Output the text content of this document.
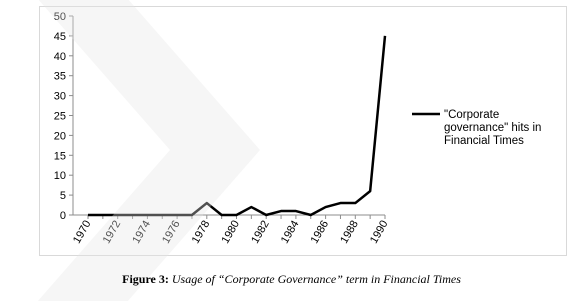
0
5
10
15
20
25
30
35
40
45
50
1970 1972 1974 1976 1978 1980 1982 1984 1986 1988 1990
"Corporate
governance" hits in
Financial Times
Figure 3: Usage of “Corporate Governance” term in Financial Times
